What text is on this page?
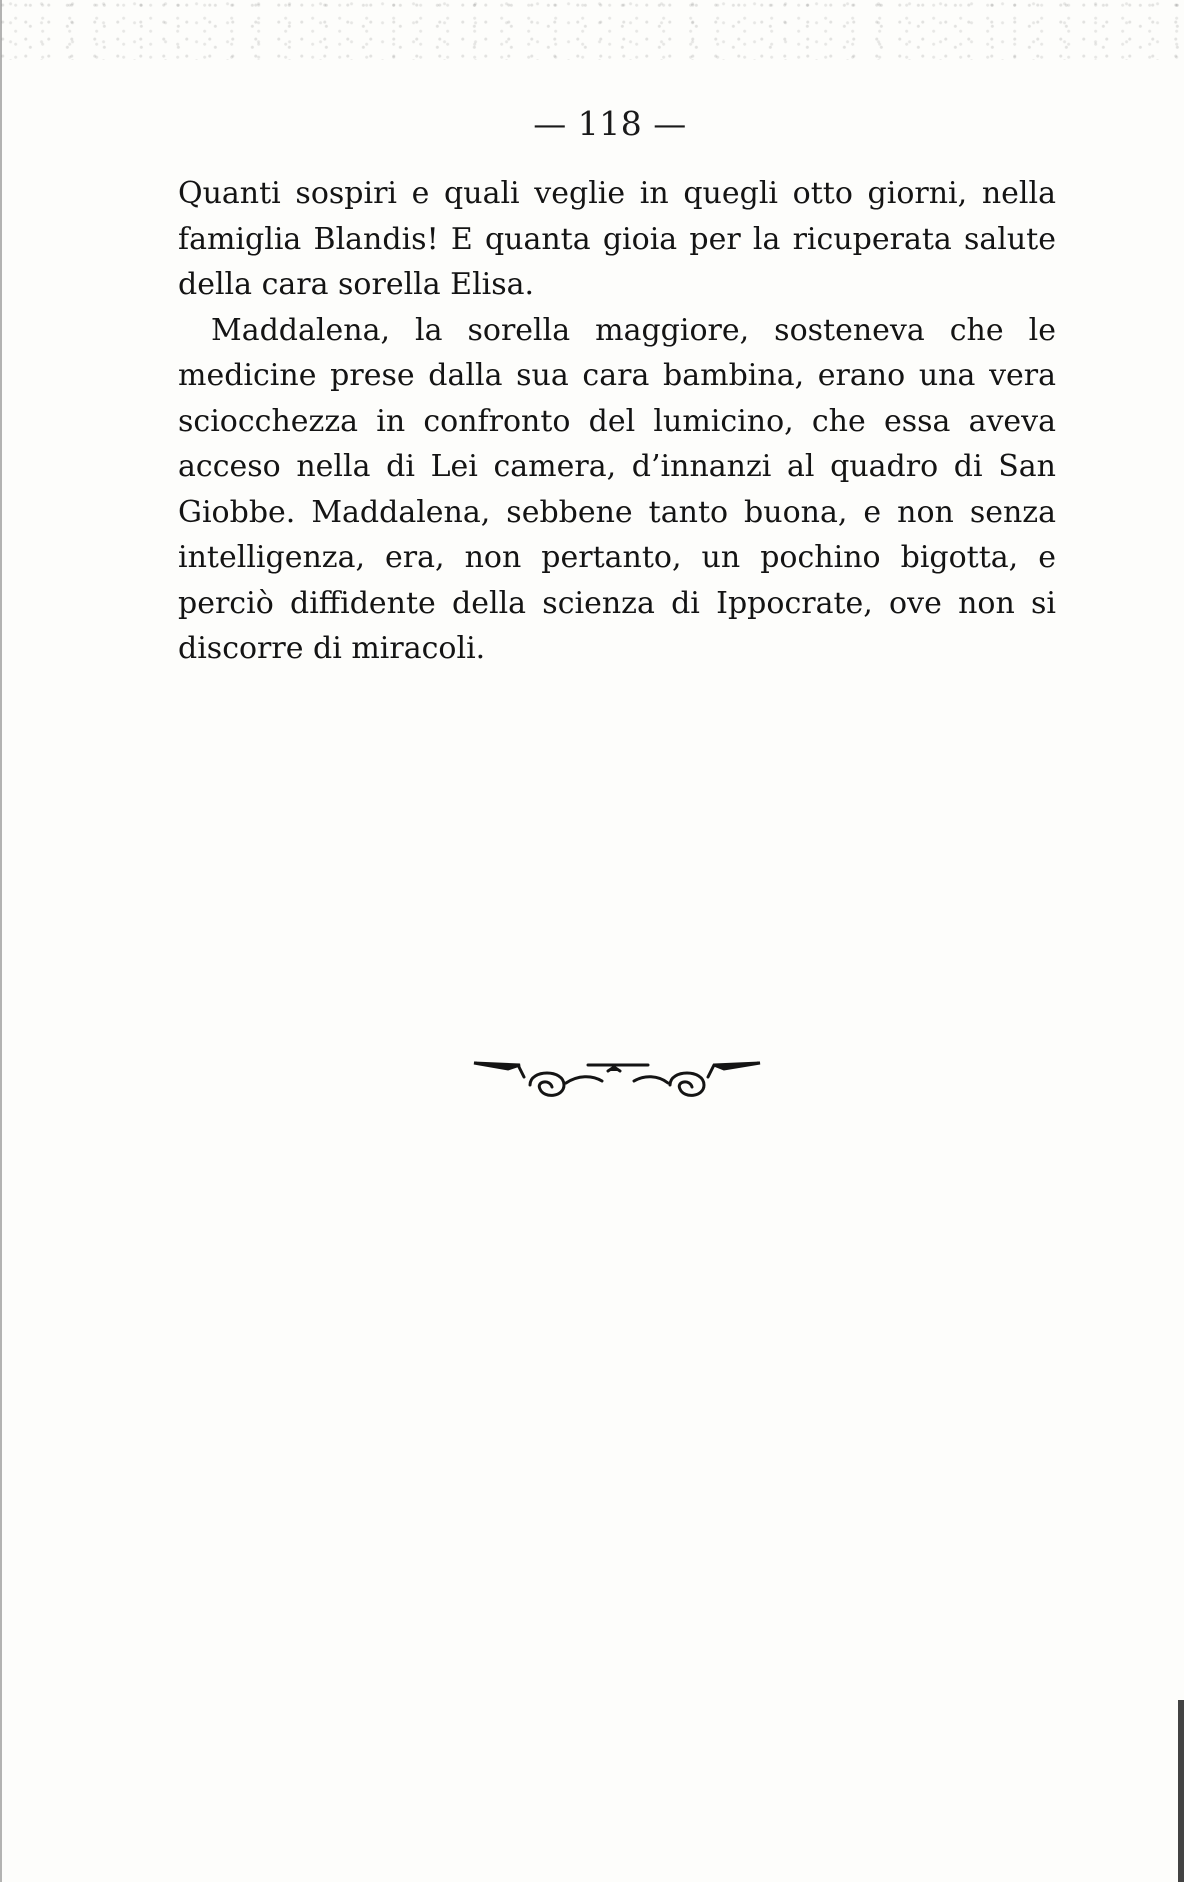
— 118 —

Quanti sospiri e quali veglie in quegli otto giorni, nella famiglia Blandis! E quanta gioia per la ricuperata salute della cara sorella Elisa.

Maddalena, la sorella maggiore, sosteneva che le medicine prese dalla sua cara bambina, erano una vera sciocchezza in confronto del lumicino, che essa aveva acceso nella di Lei camera, d’innanzi al quadro di San Giobbe. Maddalena, sebbene tanto buona, e non senza intelligenza, era, non pertanto, un pochino bigotta, e perciò diffidente della scienza di Ippocrate, ove non si discorre di miracoli.
